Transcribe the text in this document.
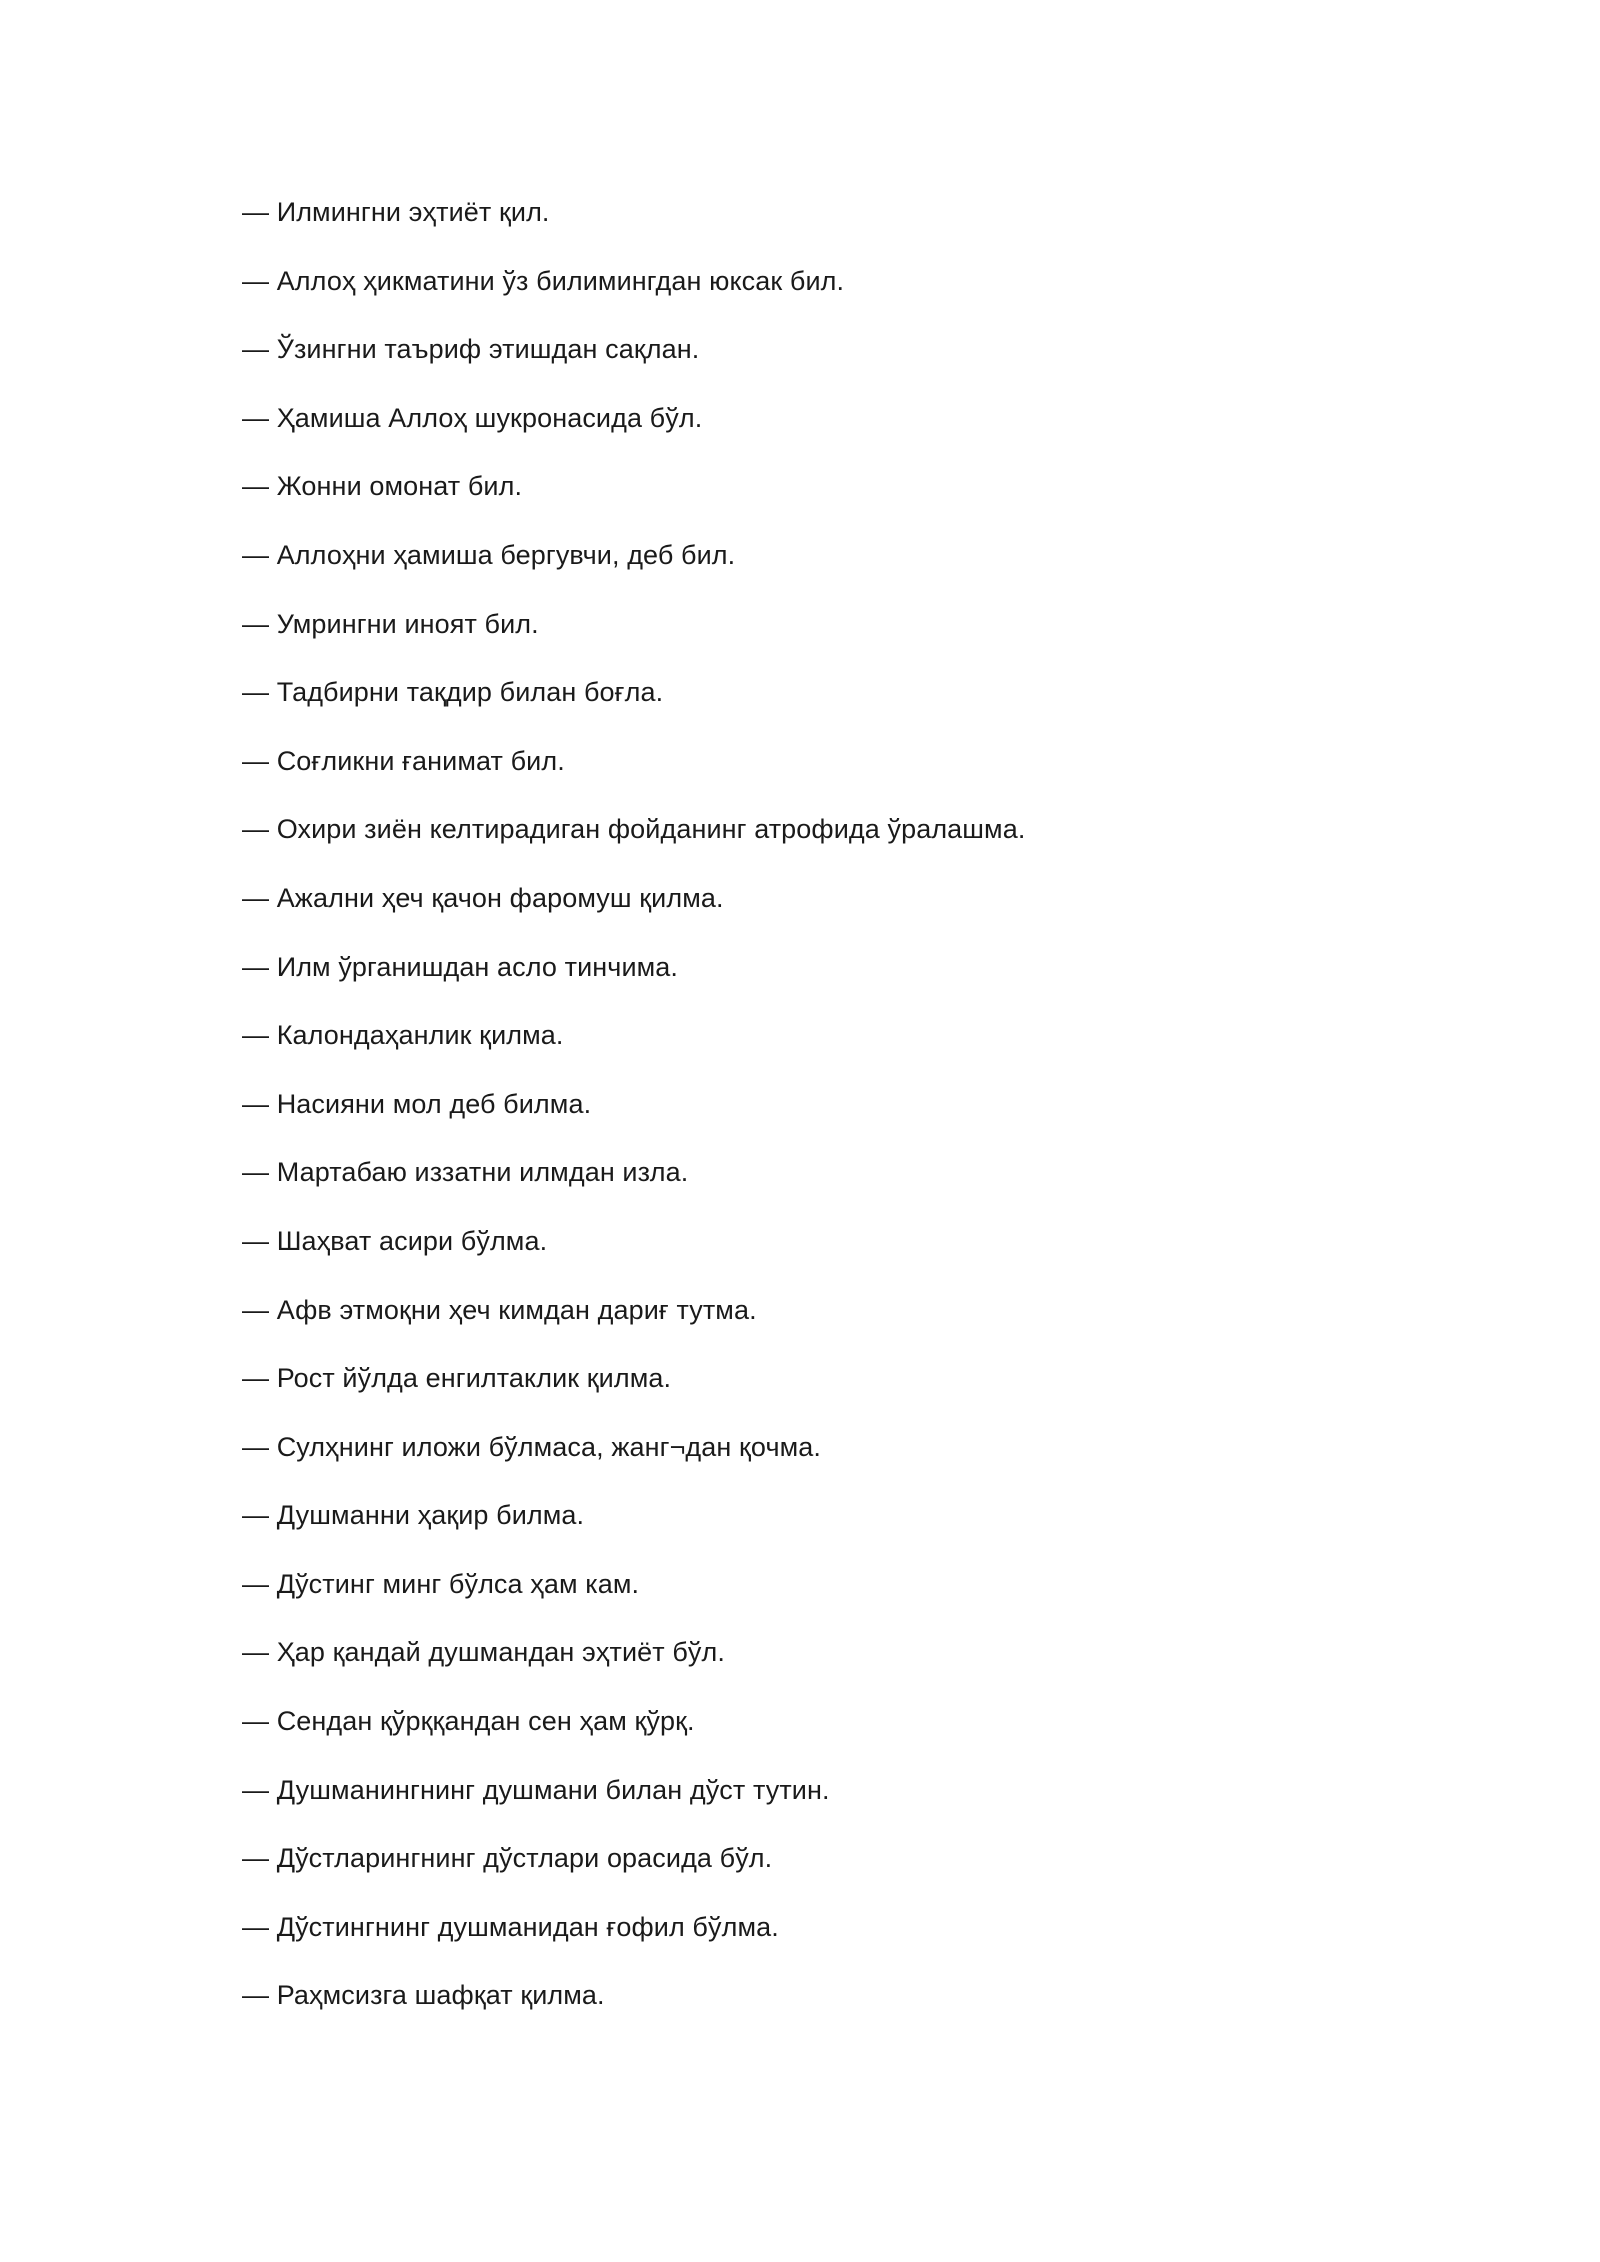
— Илмингни эҳтиёт қил.
— Аллоҳ ҳикматини ўз билимингдан юксак бил.
— Ўзингни таъриф этишдан сақлан.
— Ҳамиша Аллоҳ шукронасида бўл.
— Жонни омонат бил.
— Аллоҳни ҳамиша бергувчи, деб бил.
— Умрингни иноят бил.
— Тадбирни тақдир билан боғла.
— Соғликни ғанимат бил.
— Охири зиён келтирадиган фойданинг атрофида ўралашма.
— Ажални ҳеч қачон фаромуш қилма.
— Илм ўрганишдан асло тинчима.
— Калондаҳанлик қилма.
— Насияни мол деб билма.
— Мартабаю иззатни илмдан изла.
— Шаҳват асири бўлма.
— Афв этмоқни ҳеч кимдан дариғ тутма.
— Рост йўлда енгилтаклик қилма.
— Сулҳнинг иложи бўлмаса, жанг¬дан қочма.
— Душманни ҳақир билма.
— Дўстинг минг бўлса ҳам кам.
— Ҳар қандай душмандан эҳтиёт бўл.
— Сендан қўрққандан сен ҳам қўрқ.
— Душманингнинг душмани билан дўст тутин.
— Дўстларингнинг дўстлари орасида бўл.
— Дўстингнинг душманидан ғофил бўлма.
— Раҳмсизга шафқат қилма.
